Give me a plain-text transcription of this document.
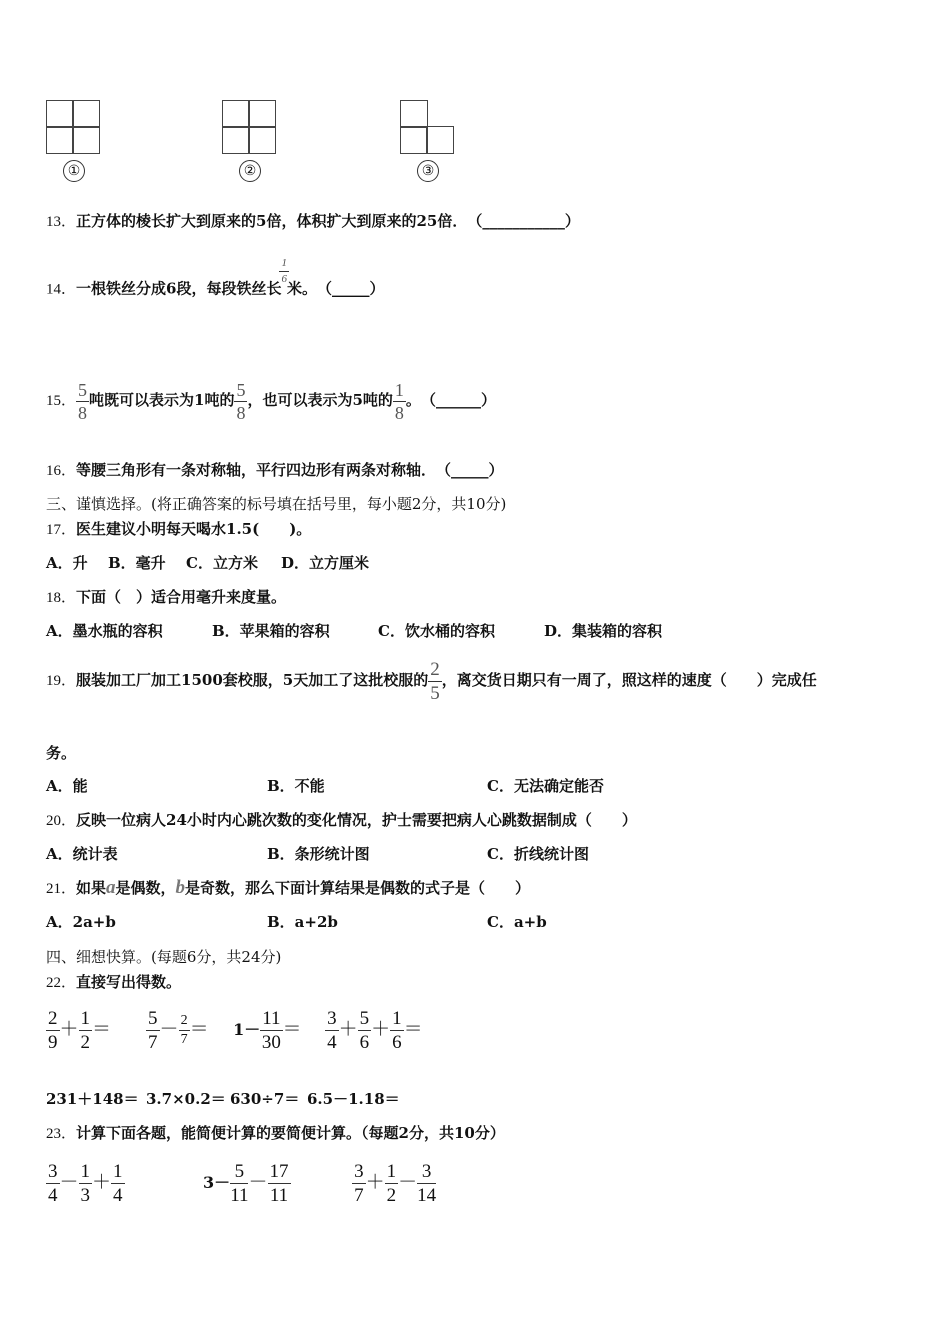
①	②	③
13．正方体的棱长扩大到原来的5倍，体积扩大到原来的25倍．　 （___________）
14．一根铁丝分成6段，每段铁丝长
$\frac{1}{6}$
米。　 （_____）
15． $\frac{5}{8}$ 吨既可以表示为1吨的 $\frac{5}{8}$ ，也可以表示为5吨的 $\frac{1}{8}$ 。　 （______）
16．等腰三角形有一条对称轴，平行四边形有两条对称轴．　 （_____）
三、谨慎选择。(将正确答案的标号填在括号里，每小题2分，共10分)
17．医生建议小明每天喝水1.5(　　)。
A．升 B．毫升 C．立方米 D．立方厘米
18．下面（　）适合用毫升来度量。
A．墨水瓶的容积	B．苹果箱的容积	C．饮水桶的容积	D．集装箱的容积
19．服装加工厂加工1500套校服，5天加工了这批校服的 $\frac{2}{5}$ ，离交货日期只有一周了，照这样的速度（　　）完成任
务。
A．能	B．不能	C．无法确定能否
20．反映一位病人24小时内心跳次数的变化情况，护士需要把病人心跳数据制成（　　）
A．统计表	B．条形统计图	C．折线统计图
21．如果a是偶数，b是奇数，那么下面计算结果是偶数的式子是（　　）
A．2a+b	B．a+2b	C．a+b
四、细想快算。(每题6分，共24分)
22．直接写出得数。
$\frac{2}{9} + \frac{1}{2} = \frac{5}{7} - \frac{2}{7} = 1- \frac{11}{30} = \frac{3}{4} + \frac{5}{6} + \frac{1}{6}$ ＝
231＋148＝ 3.7×0.2＝ 630÷7＝ 6.5－1.18＝
23．计算下面各题，能简便计算的要简便计算。（每题2分，共10分）
$\frac{3}{4} - \frac{1}{3} + \frac{1}{4}$	$3- \frac{5}{11} - \frac{17}{11}$
	$\frac{3}{7} + \frac{1}{2} - \frac{3}{14}$
